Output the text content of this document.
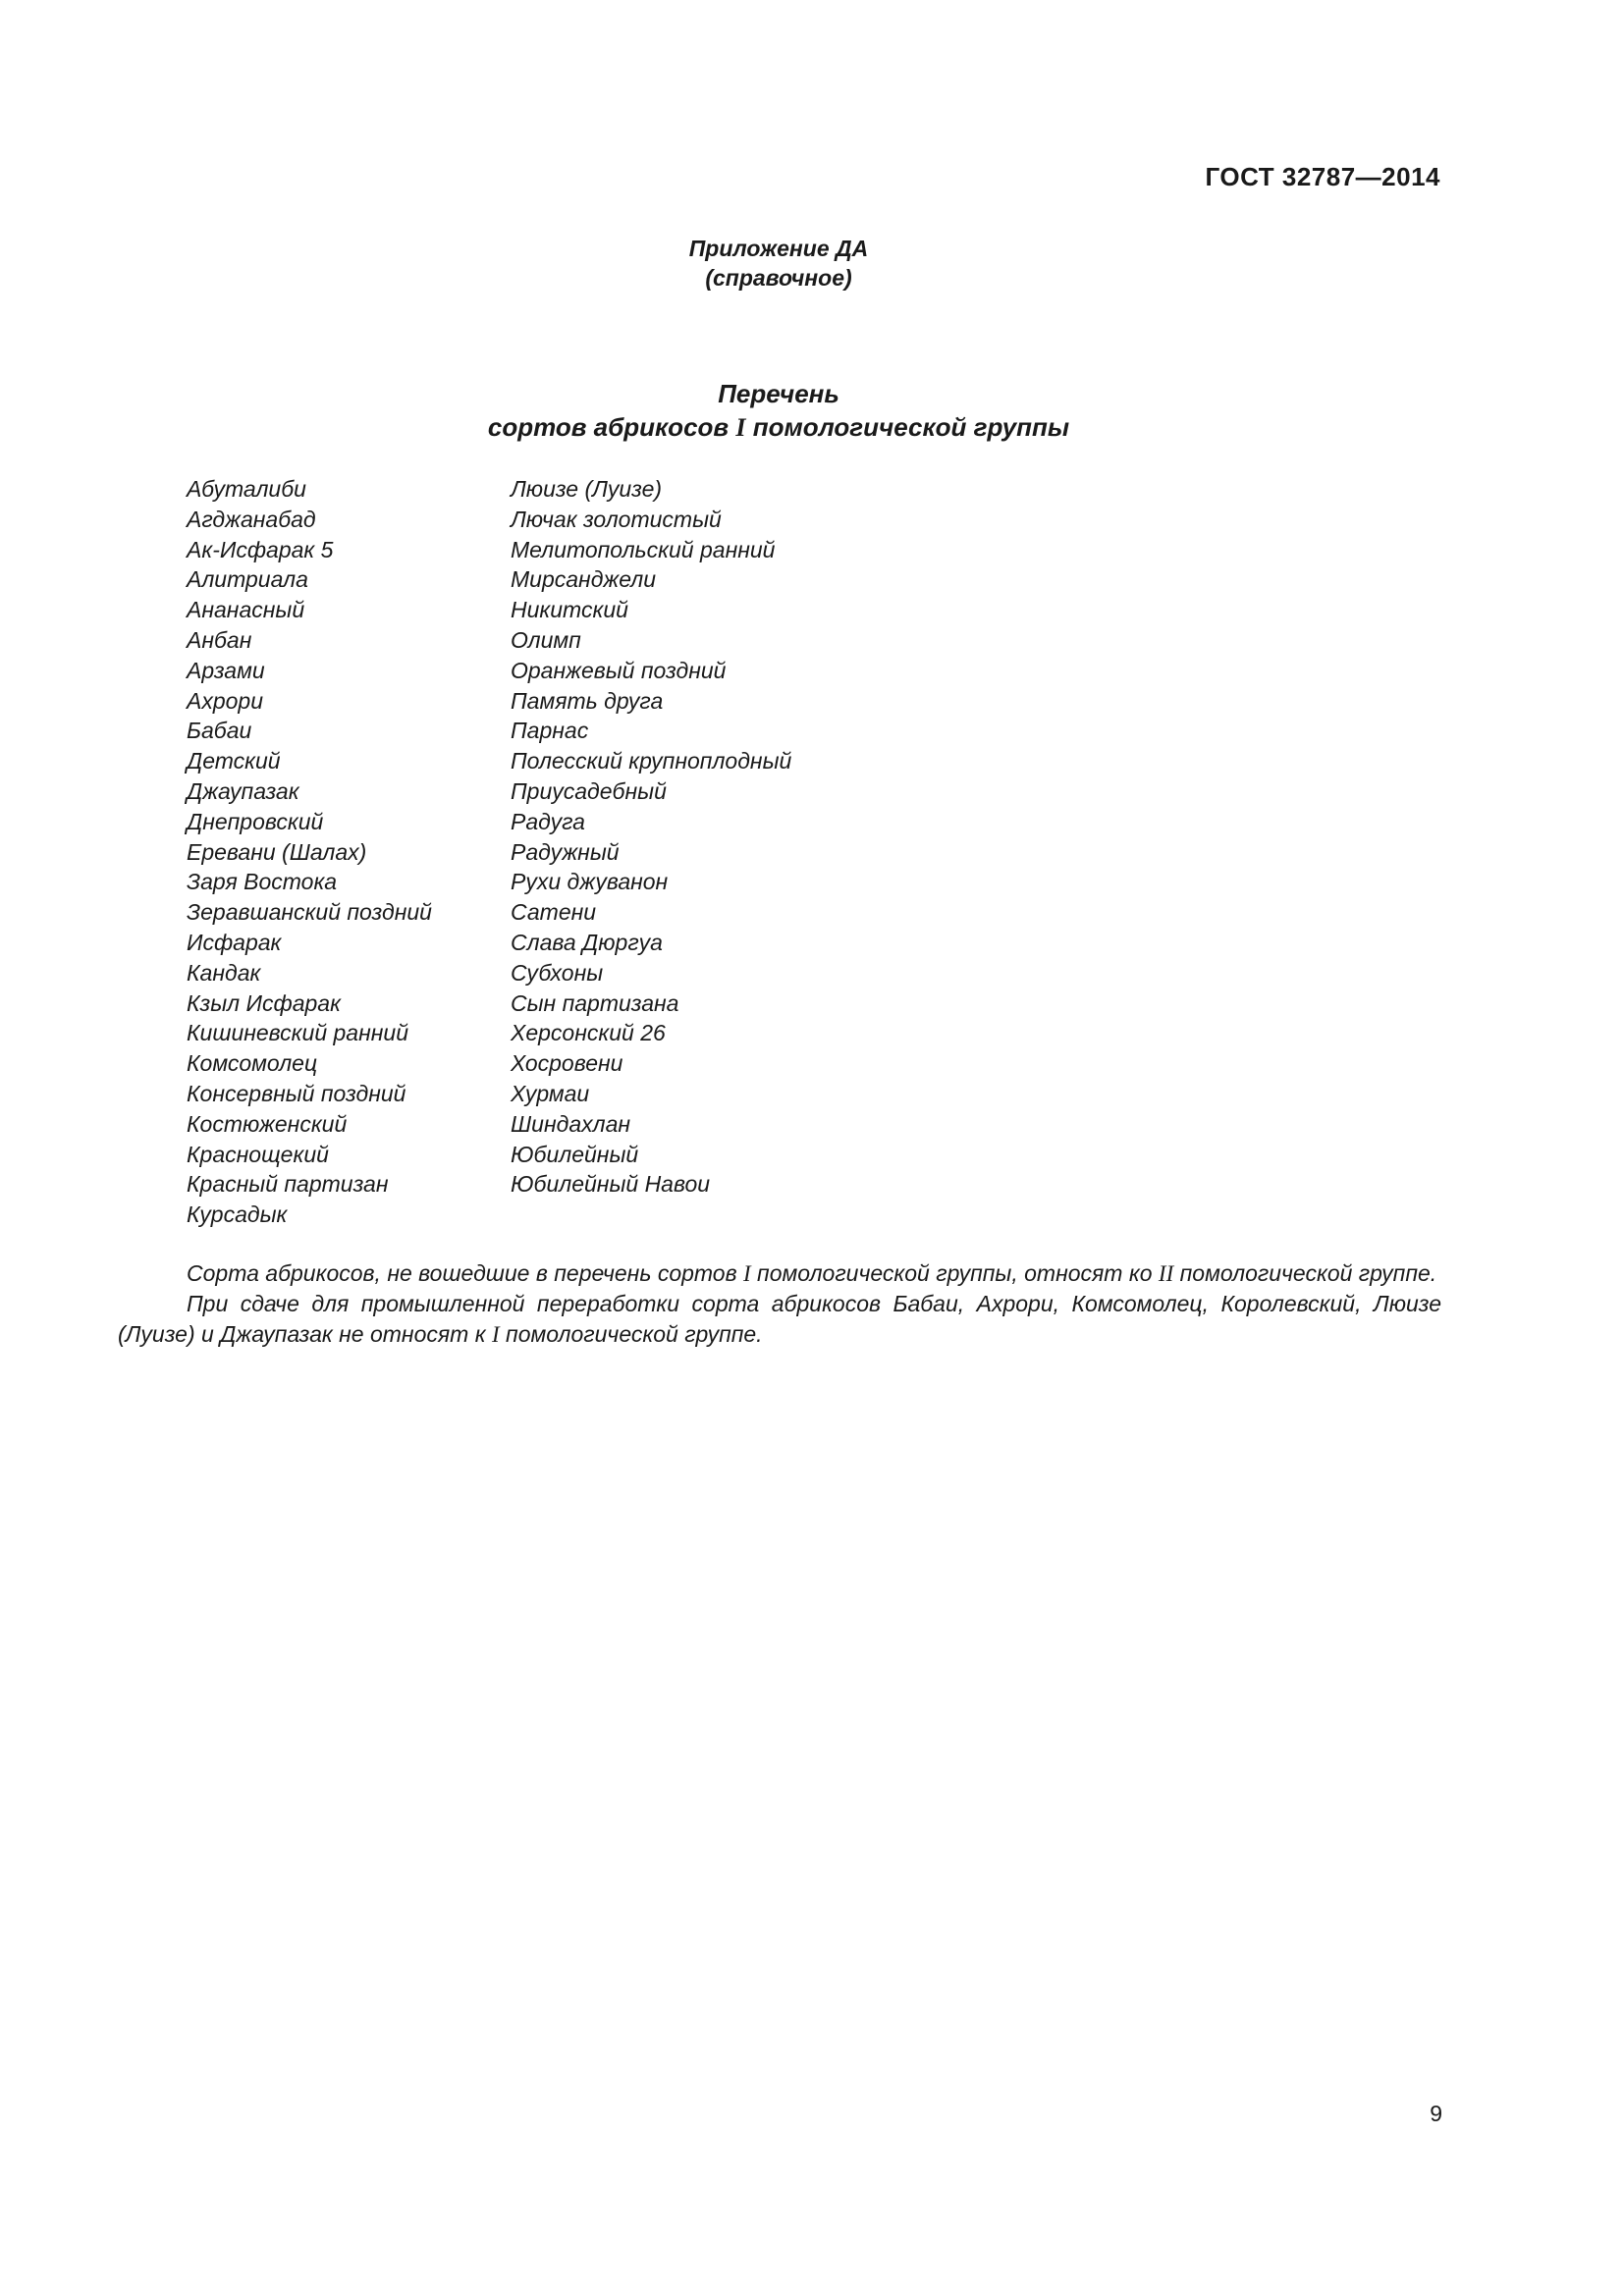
ГОСТ 32787—2014
Приложение ДА
(справочное)
Перечень
сортов абрикосов I помологической группы
Абуталиби
Агджанабад
Ак-Исфарак 5
Алитриала
Ананасный
Анбан
Арзами
Ахрори
Бабаи
Детский
Джаупазак
Днепровский
Еревани (Шалах)
Заря Востока
Зеравшанский поздний
Исфарак
Кандак
Кзыл Исфарак
Кишиневский ранний
Комсомолец
Консервный поздний
Костюженский
Краснощекий
Красный партизан
Курсадык
Люизе (Луизе)
Лючак золотистый
Мелитопольский ранний
Мирсанджели
Никитский
Олимп
Оранжевый поздний
Память друга
Парнас
Полесский крупноплодный
Приусадебный
Радуга
Радужный
Рухи джуванон
Сатени
Слава Дюргуа
Субхоны
Сын партизана
Херсонский 26
Хосровени
Хурмаи
Шиндахлан
Юбилейный
Юбилейный Навои

Сорта абрикосов, не вошедшие в перечень сортов I помологической группы, относят ко II помологической группе.

При сдаче для промышленной переработки сорта абрикосов Бабаи, Ахрори, Комсомолец, Королевский, Люизе (Луизе) и Джаупазак не относят к I помологической группе.

9
